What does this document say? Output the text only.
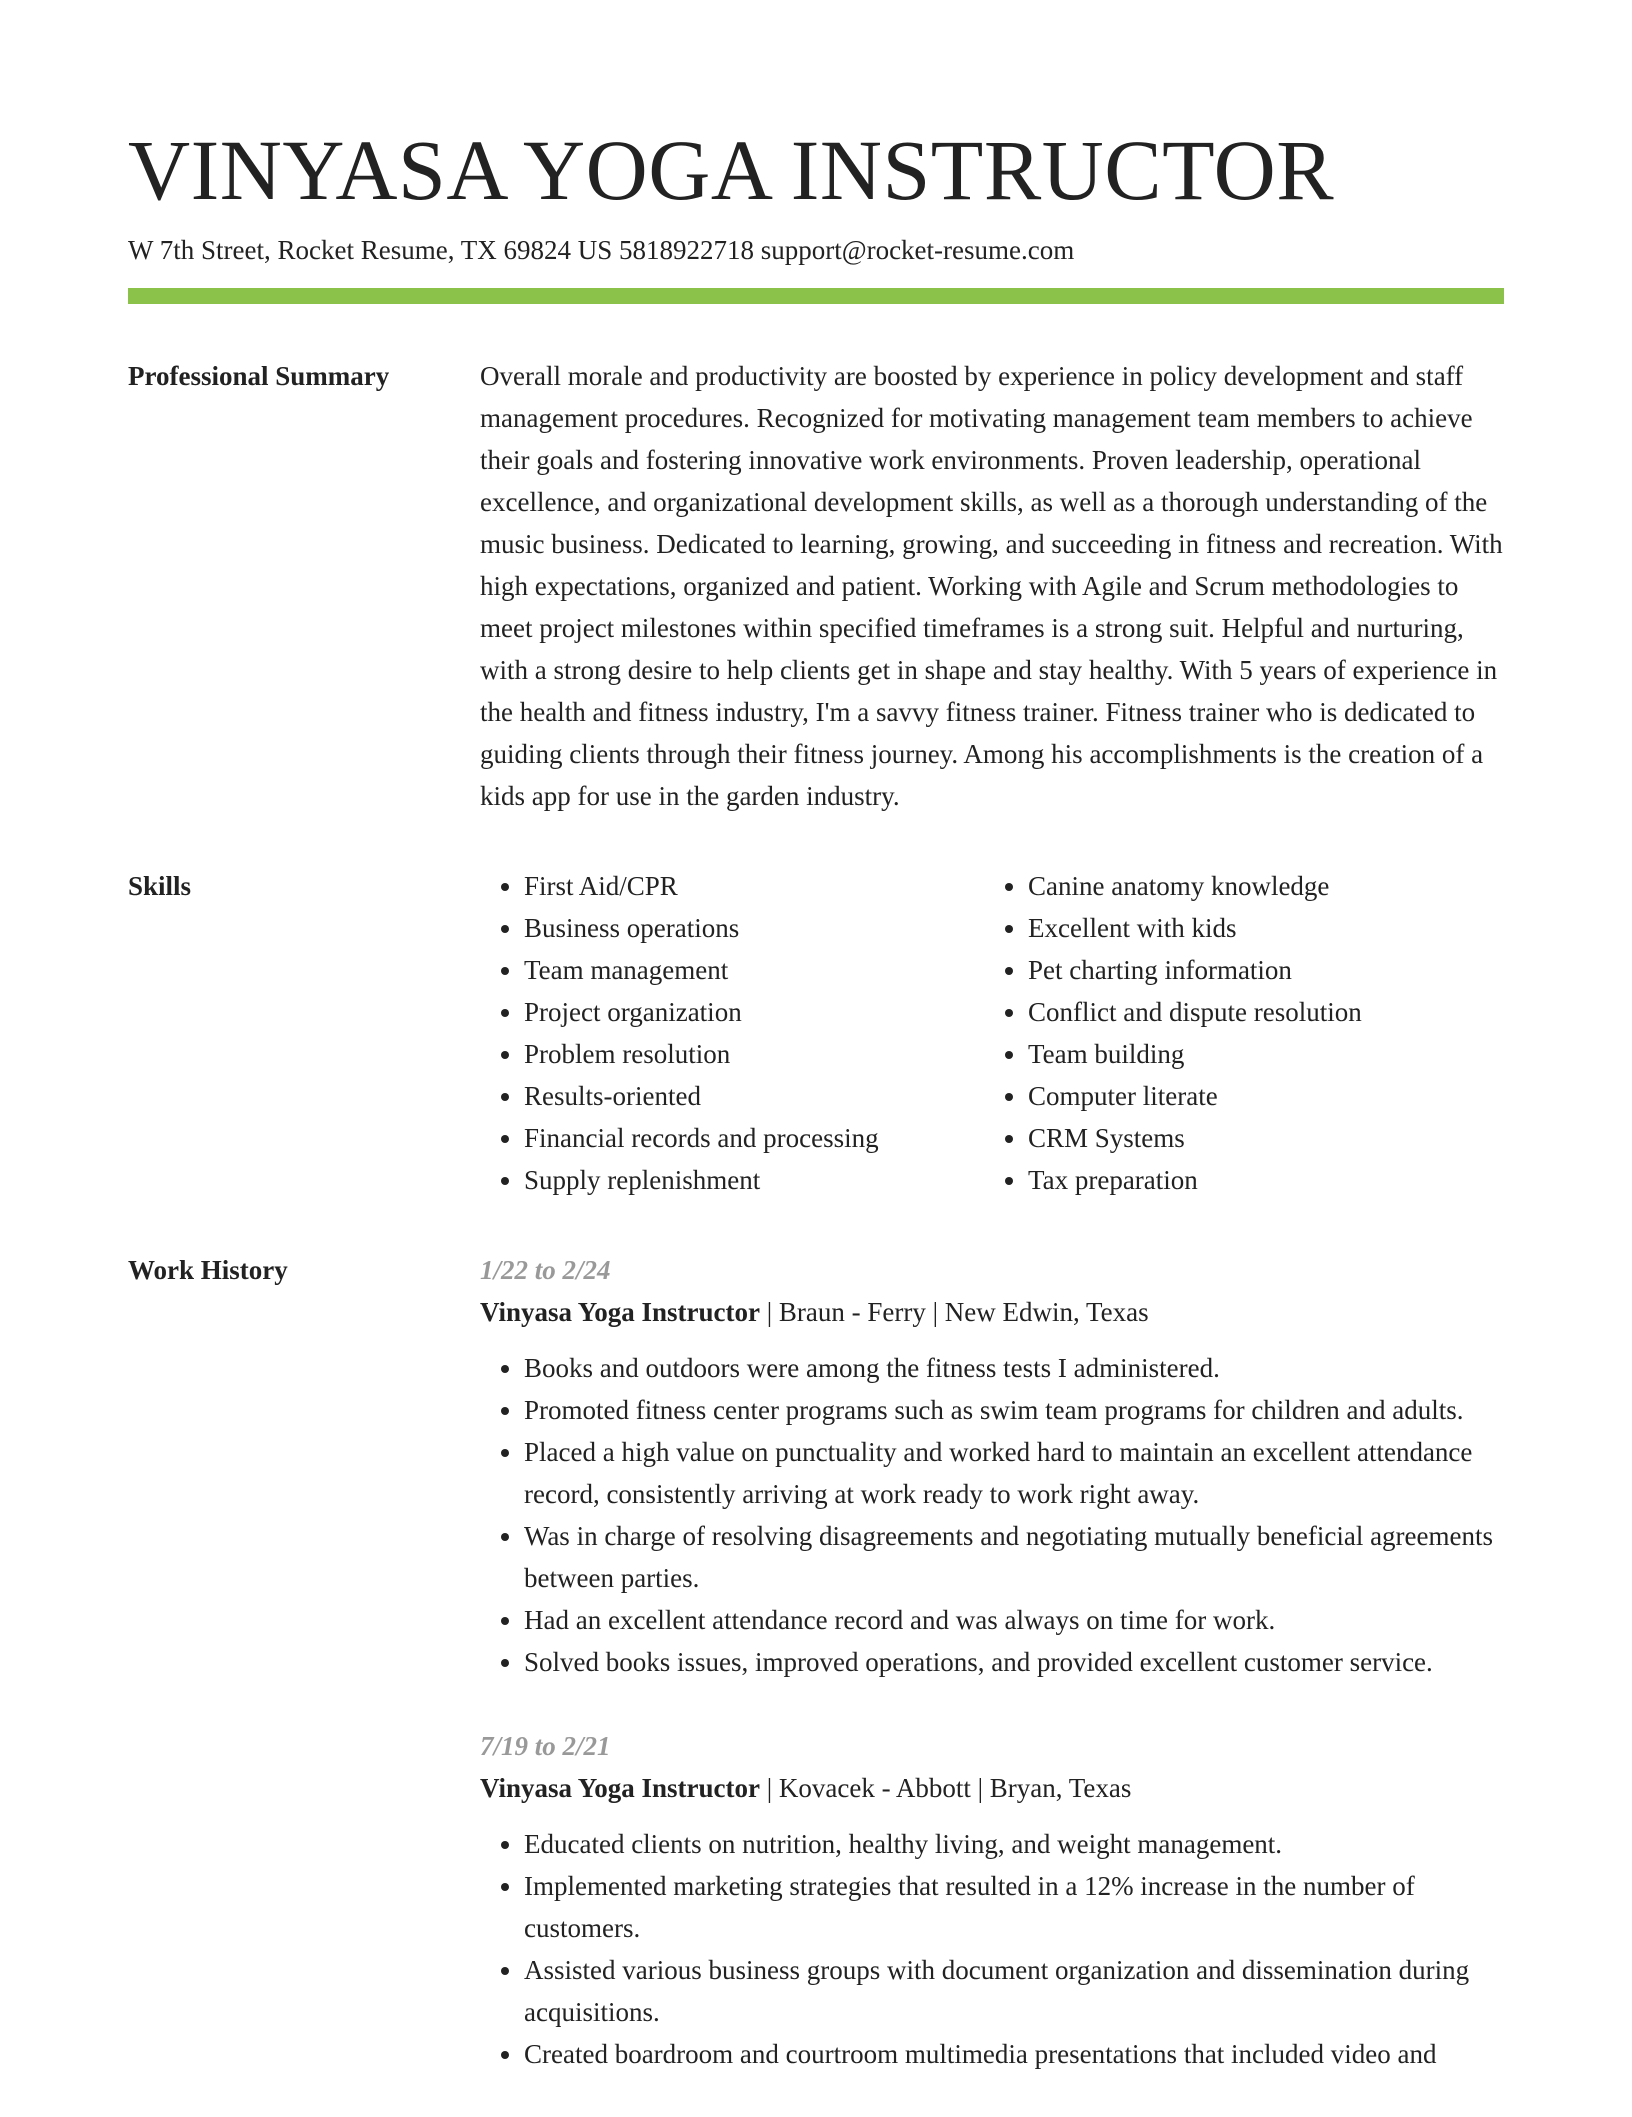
VINYASA YOGA INSTRUCTOR
W 7th Street, Rocket Resume, TX 69824 US 5818922718 support@rocket-resume.com
Professional Summary	Overall morale and productivity are boosted by experience in policy development and staff management procedures. Recognized for motivating management team members to achieve their goals and fostering innovative work environments. Proven leadership, operational excellence, and organizational development skills, as well as a thorough understanding of the music business. Dedicated to learning, growing, and succeeding in fitness and recreation. With high expectations, organized and patient. Working with Agile and Scrum methodologies to meet project milestones within specified timeframes is a strong suit. Helpful and nurturing, with a strong desire to help clients get in shape and stay healthy. With 5 years of experience in the health and fitness industry, I'm a savvy fitness trainer. Fitness trainer who is dedicated to guiding clients through their fitness journey. Among his accomplishments is the creation of a kids app for use in the garden industry.

Skills
•	First Aid/CPR
• Business operations
• Team management
• Project organization
• Problem resolution
• Results-oriented
• Financial records and processing
• Supply replenishment
• Canine anatomy knowledge
• Excellent with kids
• Pet charting information
• Conflict and dispute resolution
• Team building
• Computer literate
• CRM Systems
• Tax preparation
Work History	1/22 to 2/24
Vinyasa Yoga Instructor | Braun - Ferry | New Edwin, Texas
• Books and outdoors were among the fitness tests I administered.
• Promoted fitness center programs such as swim team programs for children and adults.
• Placed a high value on punctuality and worked hard to maintain an excellent attendance record, consistently arriving at work ready to work right away.
• Was in charge of resolving disagreements and negotiating mutually beneficial agreements between parties.
• Had an excellent attendance record and was always on time for work.
• Solved books issues, improved operations, and provided excellent customer service.
7/19 to 2/21
Vinyasa Yoga Instructor | Kovacek - Abbott | Bryan, Texas
• Educated clients on nutrition, healthy living, and weight management.
• Implemented marketing strategies that resulted in a 12% increase in the number of customers.
• Assisted various business groups with document organization and dissemination during acquisitions.
• Created boardroom and courtroom multimedia presentations that included video and
